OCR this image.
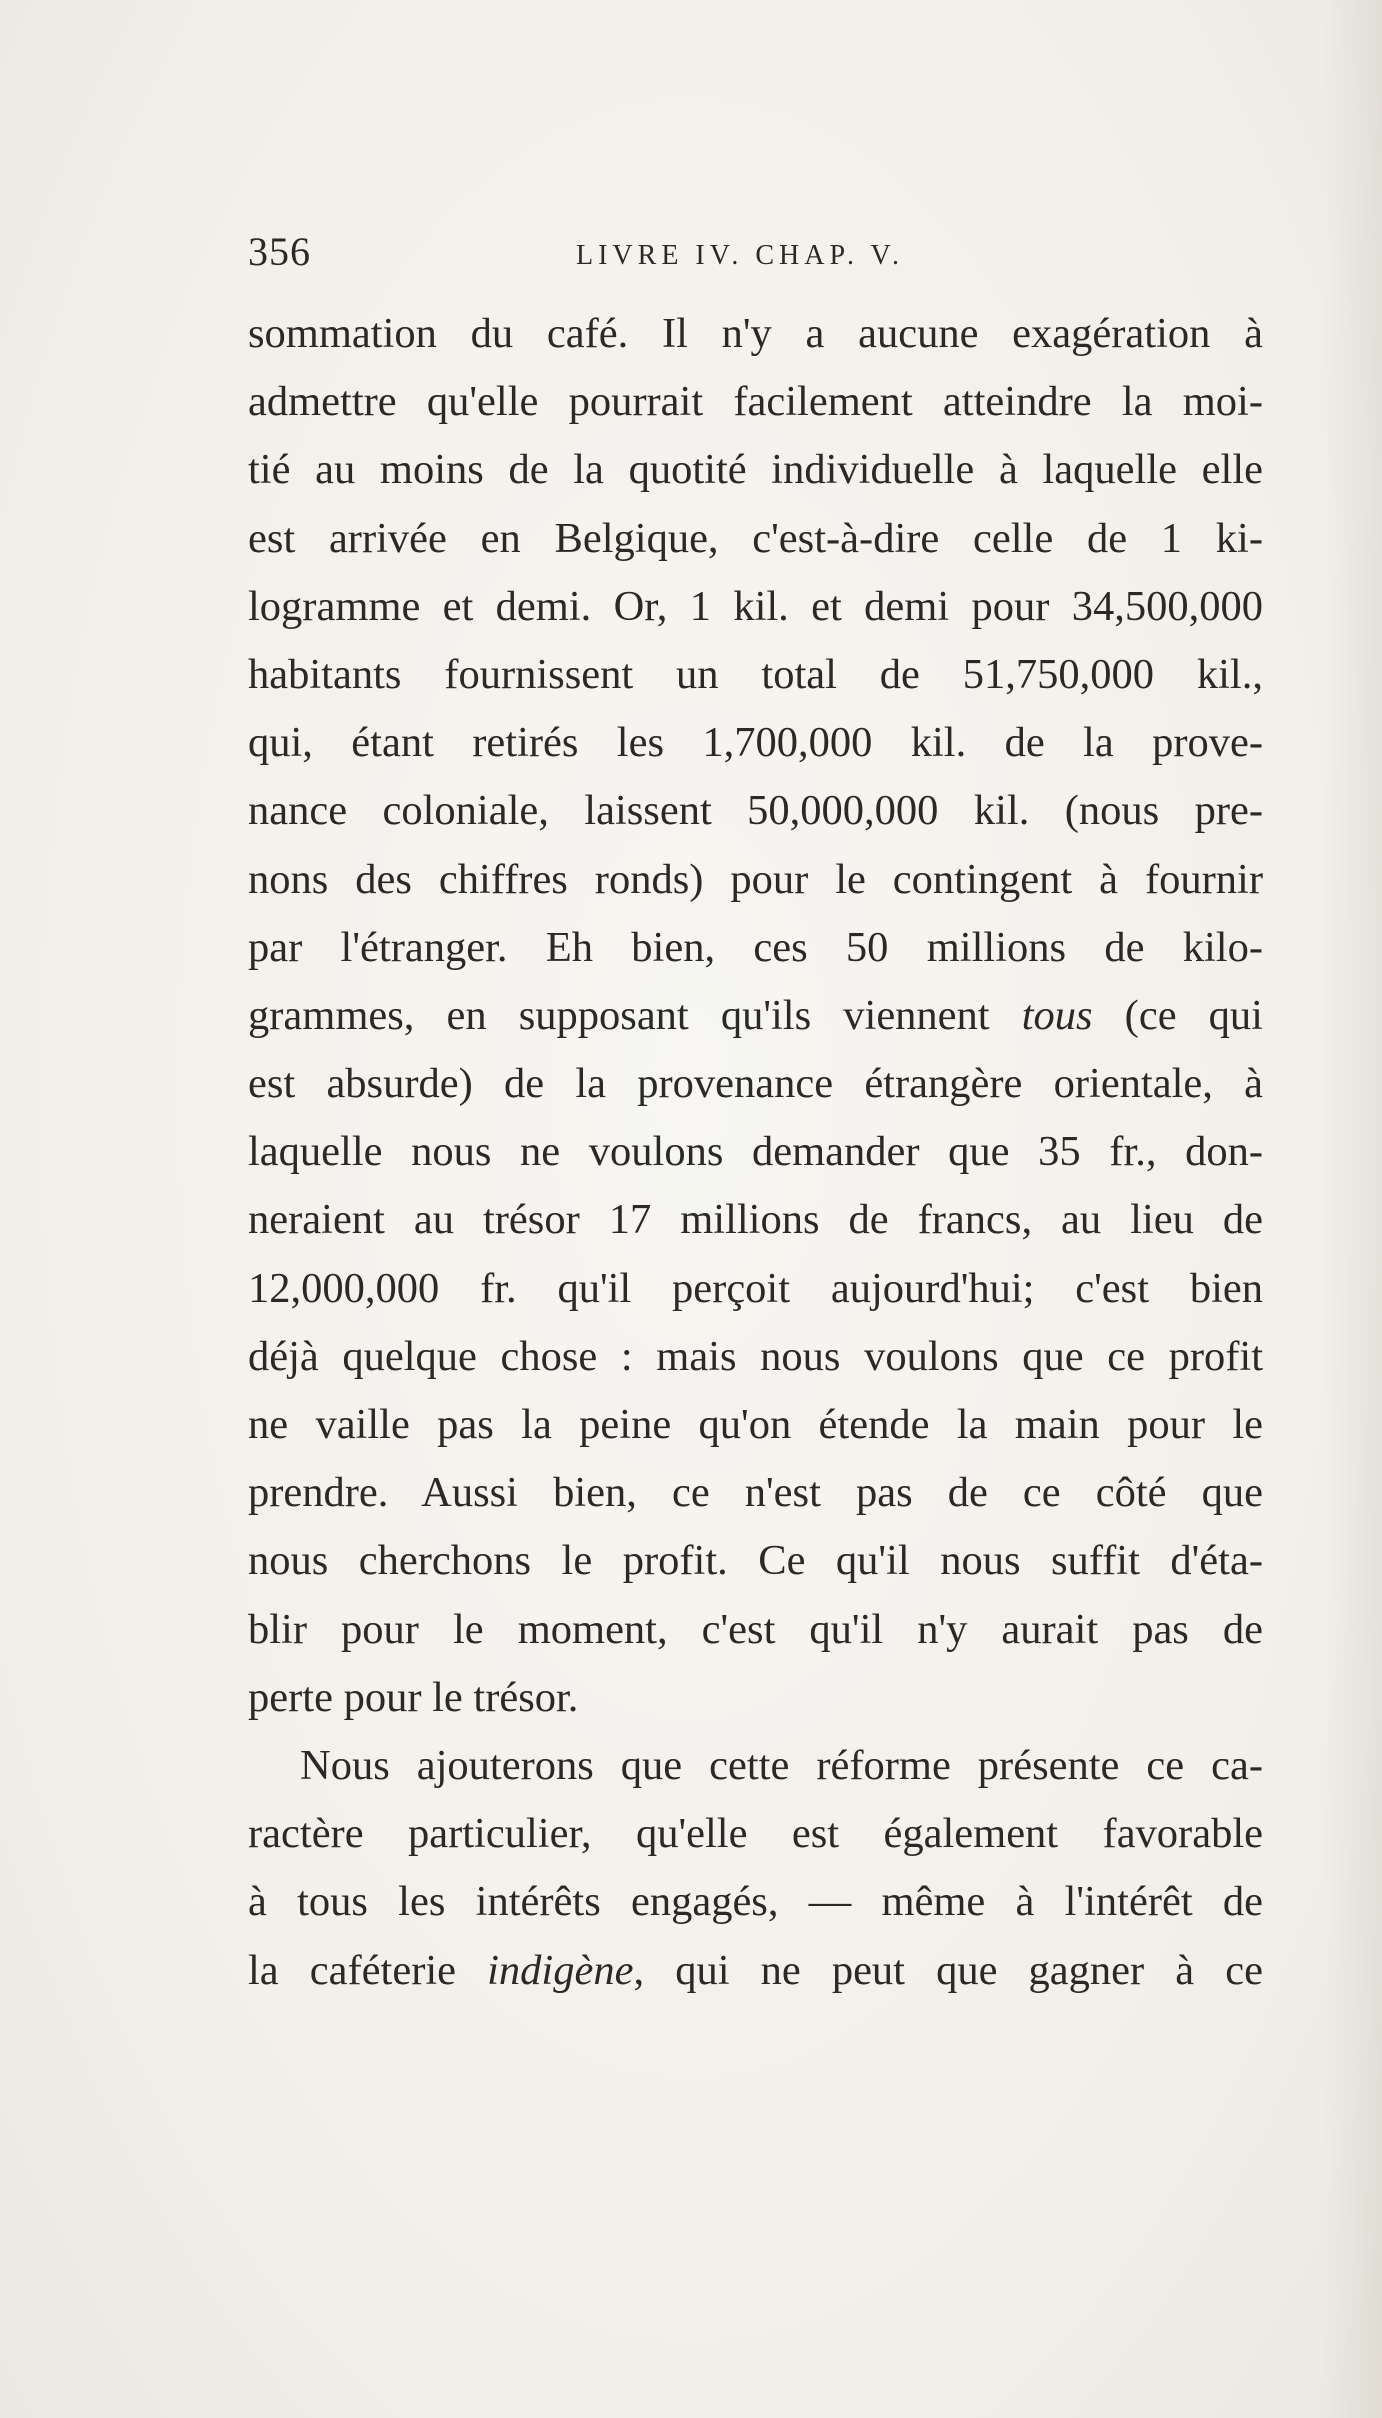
356	LIVRE IV. CHAP. V.
sommation du café. Il n'y a aucune exagération à
admettre qu'elle pourrait facilement atteindre la moi-
tié au moins de la quotité individuelle à laquelle elle
est arrivée en Belgique, c'est-à-dire celle de 1 ki-
logramme et demi. Or, 1 kil. et demi pour 34,500,000
habitants fournissent un total de 51,750,000 kil.,
qui, étant retirés les 1,700,000 kil. de la prove-
nance coloniale, laissent 50,000,000 kil. (nous pre-
nons des chiffres ronds) pour le contingent à fournir
par l'étranger. Eh bien, ces 50 millions de kilo-
grammes, en supposant qu'ils viennent tous (ce qui
est absurde) de la provenance étrangère orientale, à
laquelle nous ne voulons demander que 35 fr., don-
neraient au trésor 17 millions de francs, au lieu de
12,000,000 fr. qu'il perçoit aujourd'hui; c'est bien
déjà quelque chose : mais nous voulons que ce profit
ne vaille pas la peine qu'on étende la main pour le
prendre. Aussi bien, ce n'est pas de ce côté que
nous cherchons le profit. Ce qu'il nous suffit d'éta-
blir pour le moment, c'est qu'il n'y aurait pas de
perte pour le trésor.
Nous ajouterons que cette réforme présente ce ca-
ractère particulier, qu'elle est également favorable
à tous les intérêts engagés, — même à l'intérêt de
la caféterie indigène, qui ne peut que gagner à ce
